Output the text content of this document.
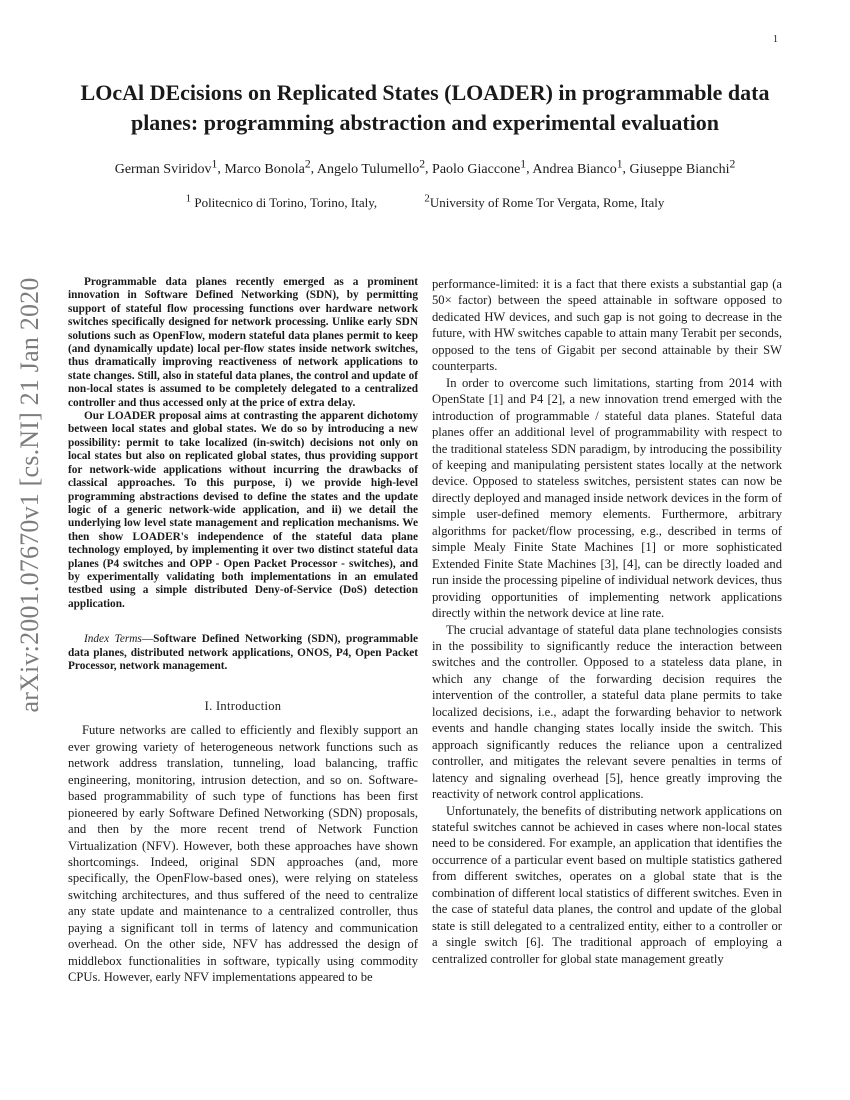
1
arXiv:2001.07670v1 [cs.NI] 21 Jan 2020
LOcAl DEcisions on Replicated States (LOADER) in programmable data planes: programming abstraction and experimental evaluation
German Sviridov$^1$, Marco Bonola$^2$, Angelo Tulumello$^2$, Paolo Giaccone$^1$, Andrea Bianco$^1$, Giuseppe Bianchi$^2$
$^1$ Politecnico di Torino, Torino, Italy,	$^2$University of Rome Tor Vergata, Rome, Italy

Programmable data planes recently emerged as a prominent innovation in Software Defined Networking (SDN), by permitting support of stateful flow processing functions over hardware network switches specifically designed for network processing. Unlike early SDN solutions such as OpenFlow, modern stateful data planes permit to keep (and dynamically update) local per-flow states inside network switches, thus dramatically improving reactiveness of network applications to state changes. Still, also in stateful data planes, the control and update of non-local states is assumed to be completely delegated to a centralized controller and thus accessed only at the price of extra delay.

Our LOADER proposal aims at contrasting the apparent dichotomy between local states and global states. We do so by introducing a new possibility: permit to take localized (in-switch) decisions not only on local states but also on replicated global states, thus providing support for network-wide applications without incurring the drawbacks of classical approaches. To this purpose, i) we provide high-level programming abstractions devised to define the states and the update logic of a generic network-wide application, and ii) we detail the underlying low level state management and replication mechanisms. We then show LOADER's independence of the stateful data plane technology employed, by implementing it over two distinct stateful data planes (P4 switches and OPP - Open Packet Processor - switches), and by experimentally validating both implementations in an emulated testbed using a simple distributed Deny-of-Service (DoS) detection application.

Index Terms—Software Defined Networking (SDN), programmable data planes, distributed network applications, ONOS, P4, Open Packet Processor, network management.

I. Introduction

Future networks are called to efficiently and flexibly support an ever growing variety of heterogeneous network functions such as network address translation, tunneling, load balancing, traffic engineering, monitoring, intrusion detection, and so on. Software-based programmability of such type of functions has been first pioneered by early Software Defined Networking (SDN) proposals, and then by the more recent trend of Network Function Virtualization (NFV). However, both these approaches have shown shortcomings. Indeed, original SDN approaches (and, more specifically, the OpenFlow-based ones), were relying on stateless switching architectures, and thus suffered of the need to centralize any state update and maintenance to a centralized controller, thus paying a significant toll in terms of latency and communication overhead. On the other side, NFV has addressed the design of middlebox functionalities in software, typically using commodity CPUs. However, early NFV implementations appeared to be

performance-limited: it is a fact that there exists a substantial gap (a 50× factor) between the speed attainable in software opposed to dedicated HW devices, and such gap is not going to decrease in the future, with HW switches capable to attain many Terabit per seconds, opposed to the tens of Gigabit per second attainable by their SW counterparts.

In order to overcome such limitations, starting from 2014 with OpenState [1] and P4 [2], a new innovation trend emerged with the introduction of programmable / stateful data planes. Stateful data planes offer an additional level of programmability with respect to the traditional stateless SDN paradigm, by introducing the possibility of keeping and manipulating persistent states locally at the network device. Opposed to stateless switches, persistent states can now be directly deployed and managed inside network devices in the form of simple user-defined memory elements. Furthermore, arbitrary algorithms for packet/flow processing, e.g., described in terms of simple Mealy Finite State Machines [1] or more sophisticated Extended Finite State Machines [3], [4], can be directly loaded and run inside the processing pipeline of individual network devices, thus providing opportunities of implementing network applications directly within the network device at line rate.

The crucial advantage of stateful data plane technologies consists in the possibility to significantly reduce the interaction between switches and the controller. Opposed to a stateless data plane, in which any change of the forwarding decision requires the intervention of the controller, a stateful data plane permits to take localized decisions, i.e., adapt the forwarding behavior to network events and handle changing states locally inside the switch. This approach significantly reduces the reliance upon a centralized controller, and mitigates the relevant severe penalties in terms of latency and signaling overhead [5], hence greatly improving the reactivity of network control applications.

Unfortunately, the benefits of distributing network applications on stateful switches cannot be achieved in cases where non-local states need to be considered. For example, an application that identifies the occurrence of a particular event based on multiple statistics gathered from different switches, operates on a global state that is the combination of different local statistics of different switches. Even in the case of stateful data planes, the control and update of the global state is still delegated to a centralized entity, either to a controller or a single switch [6]. The traditional approach of employing a centralized controller for global state management greatly
